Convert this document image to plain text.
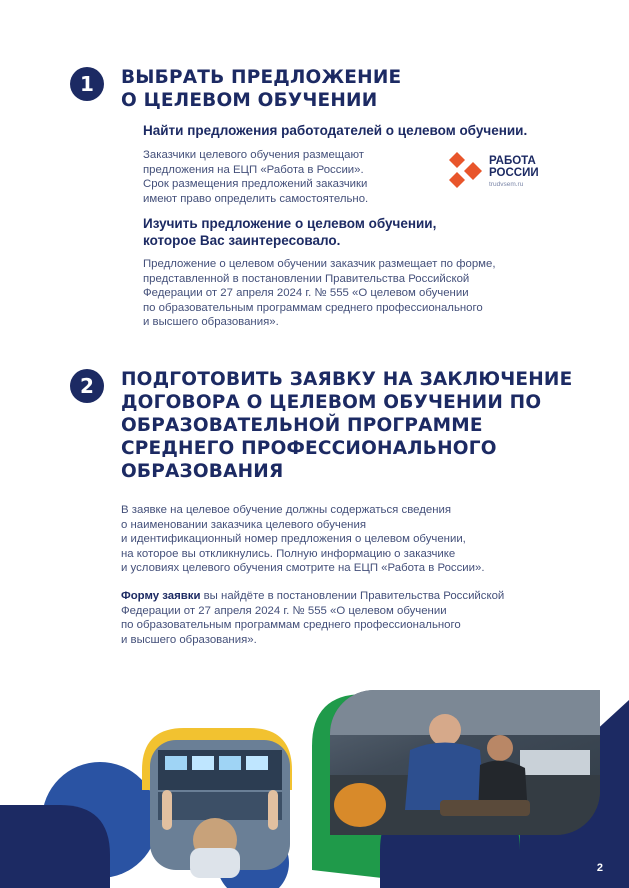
1	ВЫБРАТЬ ПРЕДЛОЖЕНИЕ
О ЦЕЛЕВОМ ОБУЧЕНИИ

Найти предложения работодателей о целевом обучении.

Заказчики целевого обучения размещают
предложения на ЕЦП «Работа в России».
Срок размещения предложений заказчики
имеют право определить самостоятельно.

РАБОТА
РОССИИ
trudvsem.ru

Изучить предложение о целевом обучении,
которое Вас заинтересовало.

Предложение о целевом обучении заказчик размещает по форме,
представленной в постановлении Правительства Российской
Федерации от 27 апреля 2024 г. № 555 «О целевом обучении
по образовательным программам среднего профессионального
и высшего образования».

2	ПОДГОТОВИТЬ ЗАЯВКУ НА ЗАКЛЮЧЕНИЕ
ДОГОВОРА О ЦЕЛЕВОМ ОБУЧЕНИИ ПО
ОБРАЗОВАТЕЛЬНОЙ ПРОГРАММЕ
СРЕДНЕГО ПРОФЕССИОНАЛЬНОГО
ОБРАЗОВАНИЯ

В заявке на целевое обучение должны содержаться сведения
о наименовании заказчика целевого обучения
и идентификационный номер предложения о целевом обучении,
на которое вы откликнулись. Полную информацию о заказчике
и условиях целевого обучения смотрите на ЕЦП «Работа в России».

Форму заявки вы найдёте в постановлении Правительства Российской
Федерации от 27 апреля 2024 г. № 555 «О целевом обучении
по образовательным программам среднего профессионального
и высшего образования».

2
